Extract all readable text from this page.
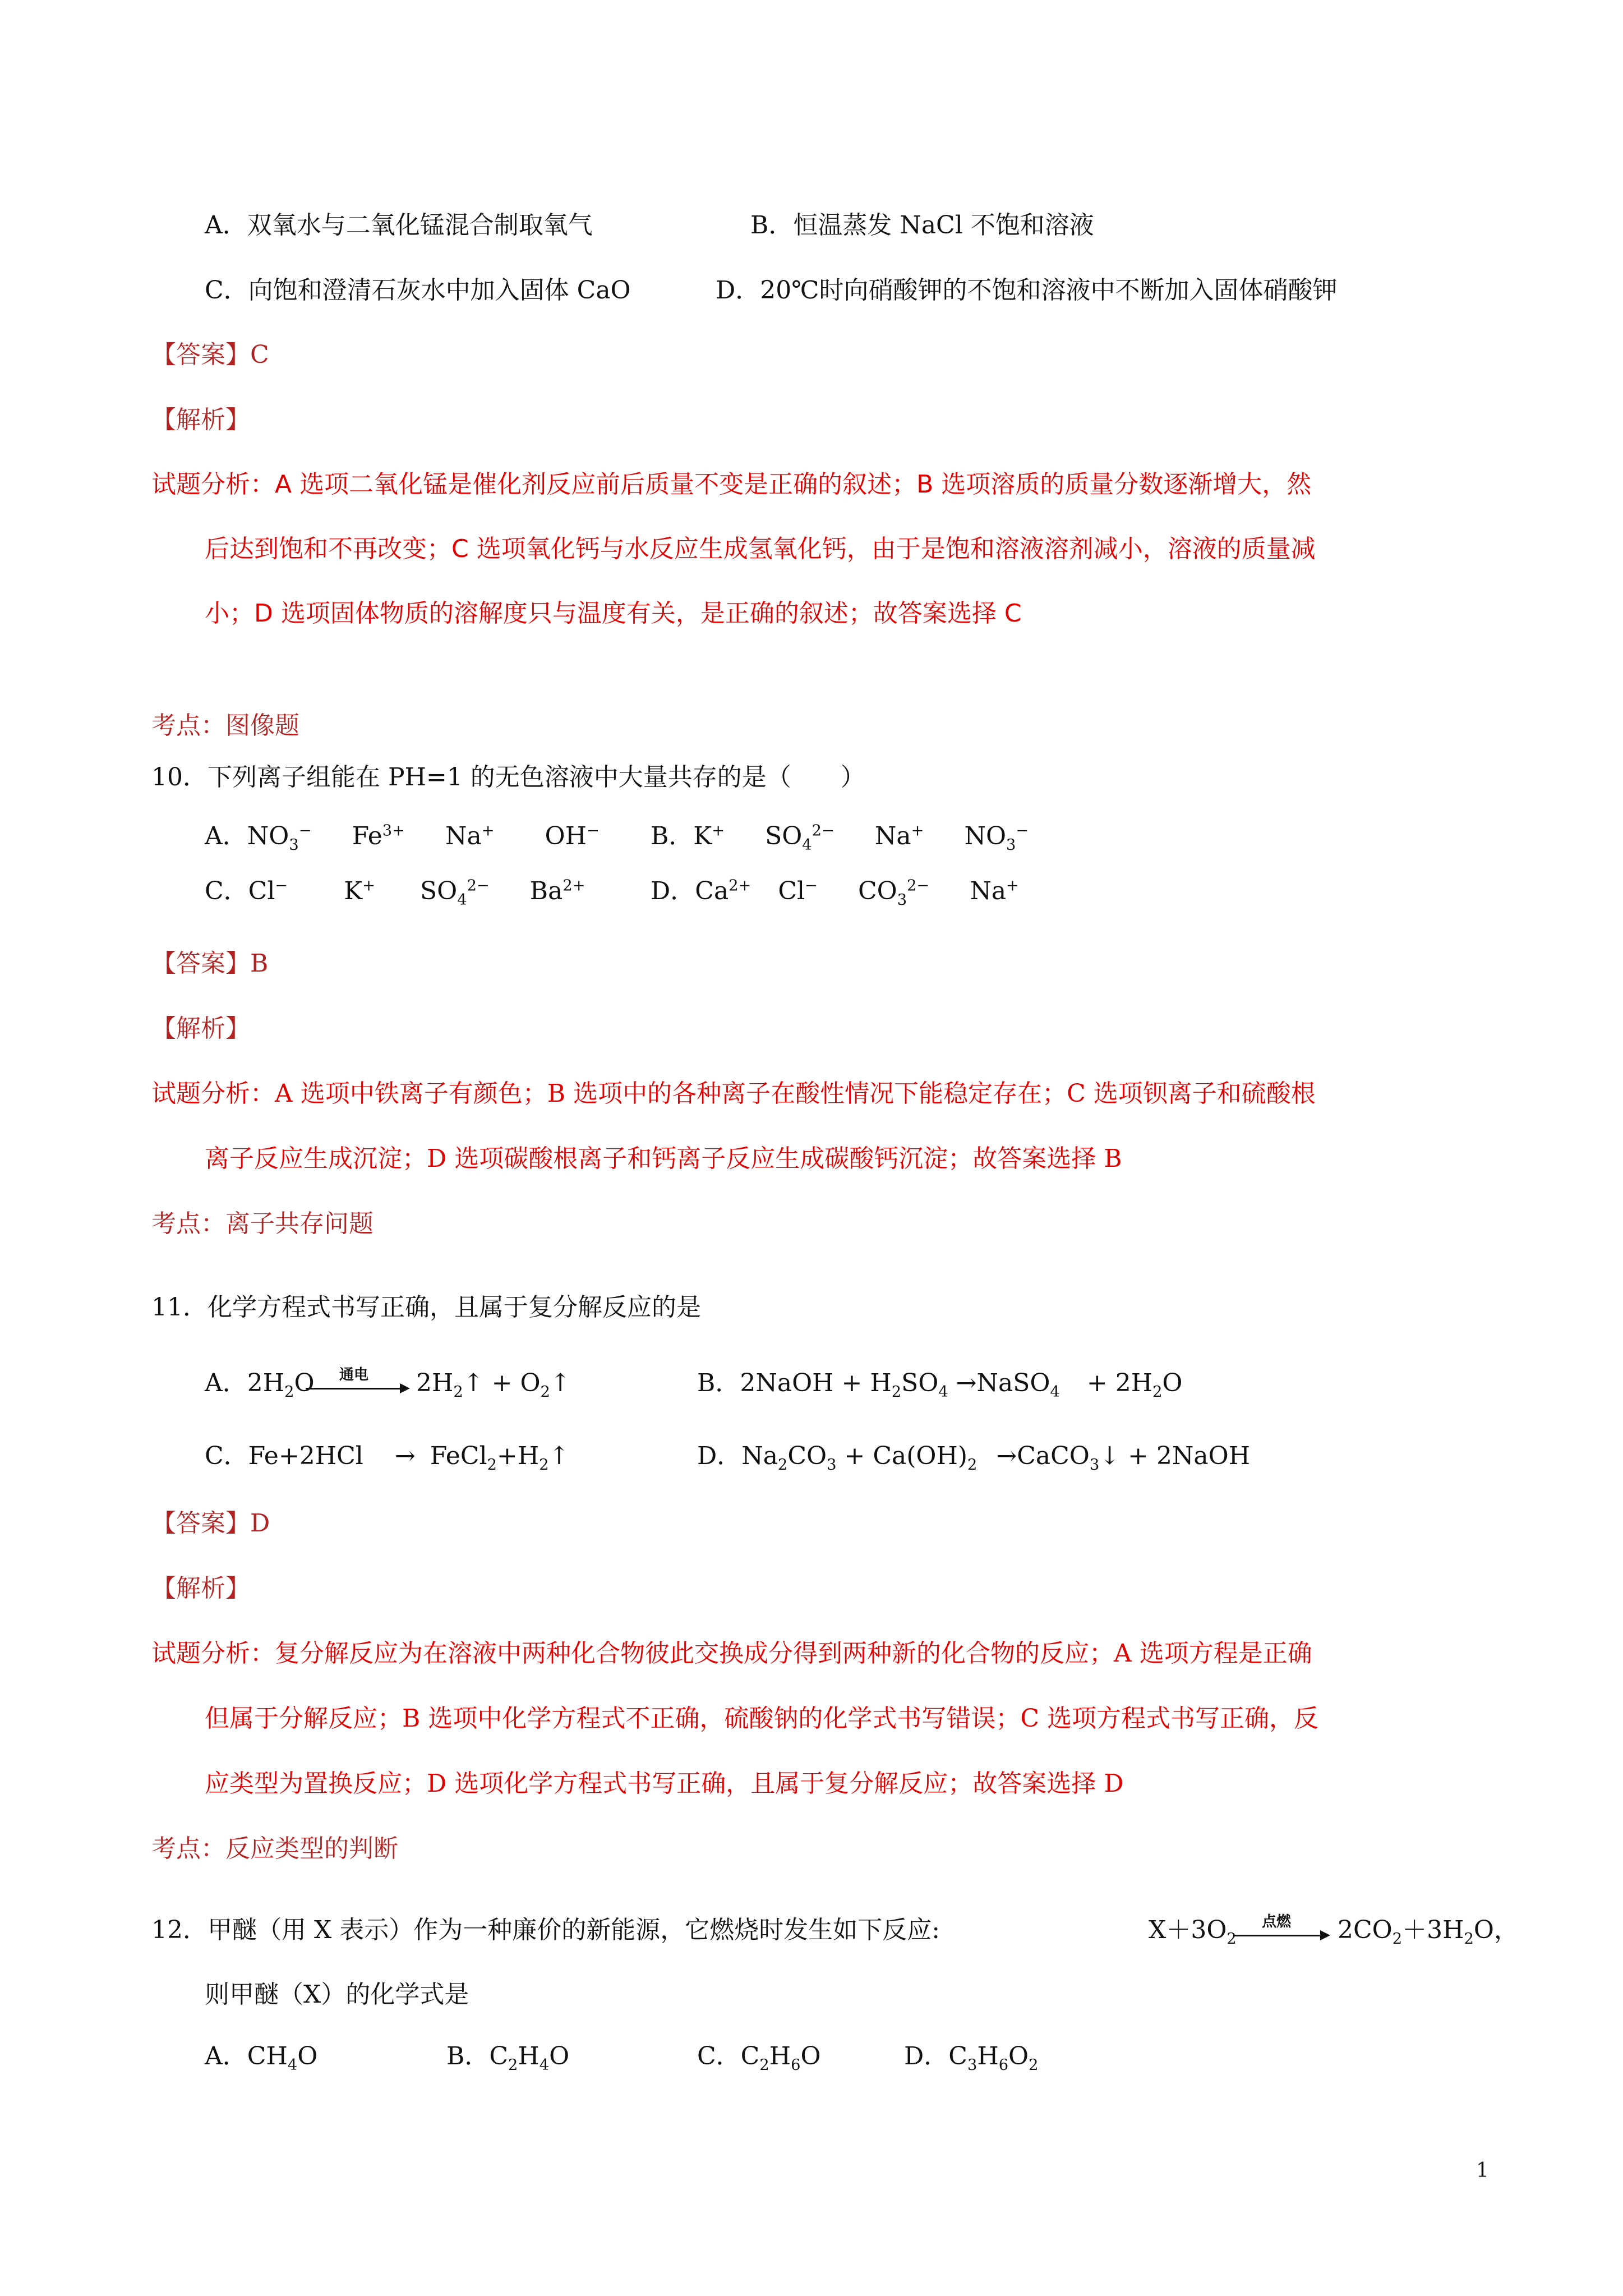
A．双氧水与二氧化锰混合制取氧气	B．恒温蒸发 NaCl 不饱和溶液
C．向饱和澄清石灰水中加入固体 CaO	D．20℃时向硝酸钾的不饱和溶液中不断加入固体硝酸钾
【答案】C
【解析】
试题分析：A 选项二氧化锰是催化剂反应前后质量不变是正确的叙述；B 选项溶质的质量分数逐渐增大，然
后达到饱和不再改变；C 选项氧化钙与水反应生成氢氧化钙，由于是饱和溶液溶剂减小，溶液的质量减
小；D 选项固体物质的溶解度只与温度有关，是正确的叙述；故答案选择 C
考点：图像题
10．下列离子组能在 PH=1 的无色溶液中大量共存的是（　　）
A．$NO_3^-$ $Fe^{3+}$ Na+ OH− B．K+ $SO_4^{2-}$ Na+ $NO_3^-$
C．Cl− K+ $SO_4^{2-}$ $Ba^{2+}$	D．$Ca^{2+}$ Cl− $CO_3^{2-}$ Na+
【答案】B
【解析】
试题分析：A 选项中铁离子有颜色；B 选项中的各种离子在酸性情况下能稳定存在；C 选项钡离子和硫酸根
离子反应生成沉淀；D 选项碳酸根离子和钙离子反应生成碳酸钙沉淀；故答案选择 B
考点：离子共存问题
11．化学方程式书写正确，且属于复分解反应的是
A．$2H_2O$ 通电 $2H_2↑$ + $O_2↑$	B．2NaOH + $H_2SO_4$ →NaSO$_4$ + $2H_2O$
C．$Fe+2HCl \to FeCl_2+H_2↑$	D．$Na_2CO_3 + Ca(OH)_2$ →CaCO$_3$↓ + 2NaOH
【答案】D
【解析】
试题分析：复分解反应为在溶液中两种化合物彼此交换成分得到两种新的化合物的反应；A 选项方程是正确
但属于分解反应；B 选项中化学方程式不正确，硫酸钠的化学式书写错误；C 选项方程式书写正确，反
应类型为置换反应；D 选项化学方程式书写正确，且属于复分解反应；故答案选择 D
考点：反应类型的判断
12．甲醚（用 X 表示）作为一种廉价的新能源，它燃烧时发生如下反应:	$X+3O_2$
点燃 $2CO_2+3H_2O$，
则甲醚（X）的化学式是
A．$CH_4O$	B．$C_2H_4O$	C．$C_2H_6O$	D．$C_3H_6O_2$
1
